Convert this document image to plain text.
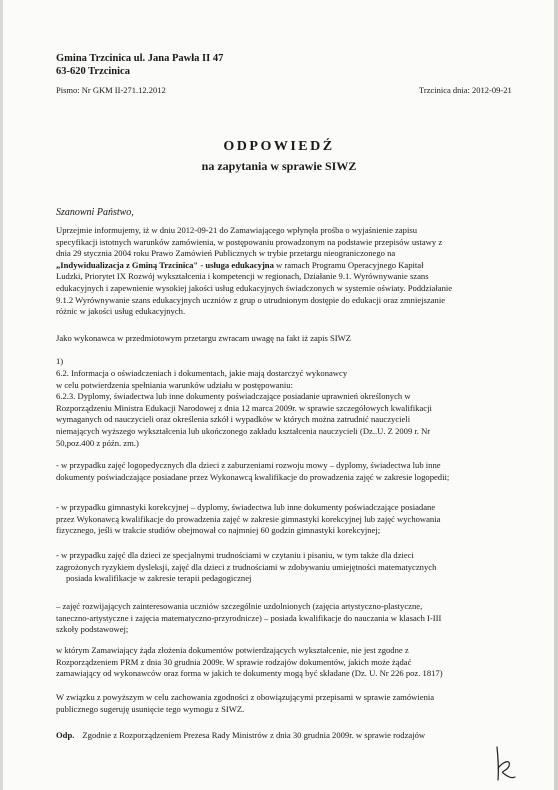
Gmina Trzcinica ul. Jana Pawła II 47
63-620 Trzcinica
Pismo: Nr GKM II-271.12.2012	Trzcinica dnia: 2012-09-21
ODPOWIEDŹ
na zapytania w sprawie SIWZ
Szanowni Państwo,
Uprzejmie informujemy, iż w dniu 2012-09-21 do Zamawiającego wpłynęła prośba o wyjaśnienie zapisu
specyfikacji istotnych warunków zamówienia, w postępowaniu prowadzonym na podstawie przepisów ustawy z
dnia 29 stycznia 2004 roku Prawo Zamówień Publicznych w trybie przetargu nieograniczonego na
„Indywidualizacja z Gminą Trzcinica" - usługa edukacyjna w ramach Programu Operacyjnego Kapitał
Ludzki, Priorytet IX Rozwój wykształcenia i kompetencji w regionach, Działanie 9.1. Wyrównywanie szans
edukacyjnych i zapewnienie wysokiej jakości usług edukacyjnych świadczonych w systemie oświaty. Poddziałanie
9.1.2 Wyrównywanie szans edukacyjnych uczniów z grup o utrudnionym dostępie do edukacji oraz zmniejszanie
różnic w jakości usług edukacyjnych.
Jako wykonawca w przedmiotowym przetargu zwracam uwagę na fakt iż zapis SIWZ
1)
6.2. Informacja o oświadczeniach i dokumentach, jakie mają dostarczyć wykonawcy
w celu potwierdzenia spełniania warunków udziału w postępowaniu:
6.2.3. Dyplomy, świadectwa lub inne dokumenty poświadczające posiadanie uprawnień określonych w
Rozporządzeniu Ministra Edukacji Narodowej z dnia 12 marca 2009r. w sprawie szczegółowych kwalifikacji
wymaganych od nauczycieli oraz określenia szkół i wypadków w których można zatrudnić nauczycieli
niemających wyższego wykształcenia lub ukończonego zakładu kształcenia nauczycieli (Dz..U. Z 2009 r. Nr
50,poz.400 z późn. zm.)
- w przypadku zajęć logopedycznych dla dzieci z zaburzeniami rozwoju mowy – dyplomy, świadectwa lub inne
dokumenty poświadczające posiadane przez Wykonawcą kwalifikacje do prowadzenia zajęć w zakresie logopedii;
- w przypadku gimnastyki korekcyjnej – dyplomy, świadectwa lub inne dokumenty poświadczające posiadane
przez Wykonawcą kwalifikacje do prowadzenia zajęć w zakresie gimnastyki korekcyjnej lub zajęć wychowania
fizycznego, jeśli w trakcie studiów obejmował co najmniej 60 godzin gimnastyki korekcyjnej;
- w przypadku zajęć dla dzieci ze specjalnymi trudnościami w czytaniu i pisaniu, w tym także dla dzieci
zagrożonych ryzykiem dysleksji, zajęć dla dzieci z trudnościami w zdobywaniu umiejętności matematycznych
posiada kwalifikacje w zakresie terapii pedagogicznej
– zajęć rozwijających zainteresowania uczniów szczególnie uzdolnionych (zajęcia artystyczno-plastyczne,
taneczno-artystyczne i zajęcia matematyczno-przyrodnicze) – posiada kwalifikacje do nauczania w klasach I-III
szkoły podstawowej;
w którym Zamawiający żąda złożenia dokumentów potwierdzających wykształcenie, nie jest zgodne z
Rozporządzeniem PRM z dnia 30 grudnia 2009r. W sprawie rodzajów dokumentów, jakich może żądać
zamawiający od wykonawców oraz forma w jakich te dokumenty mogą być składane (Dz. U. Nr 226 poz. 1817)
W związku z powyższym w celu zachowania zgodności z obowiązującymi przepisami w sprawie zamówienia
publicznego sugeruję usunięcie tego wymogu z SIWZ.
Odp. Zgodnie z Rozporządzeniem Prezesa Rady Ministrów z dnia 30 grudnia 2009r. w sprawie rodzajów
